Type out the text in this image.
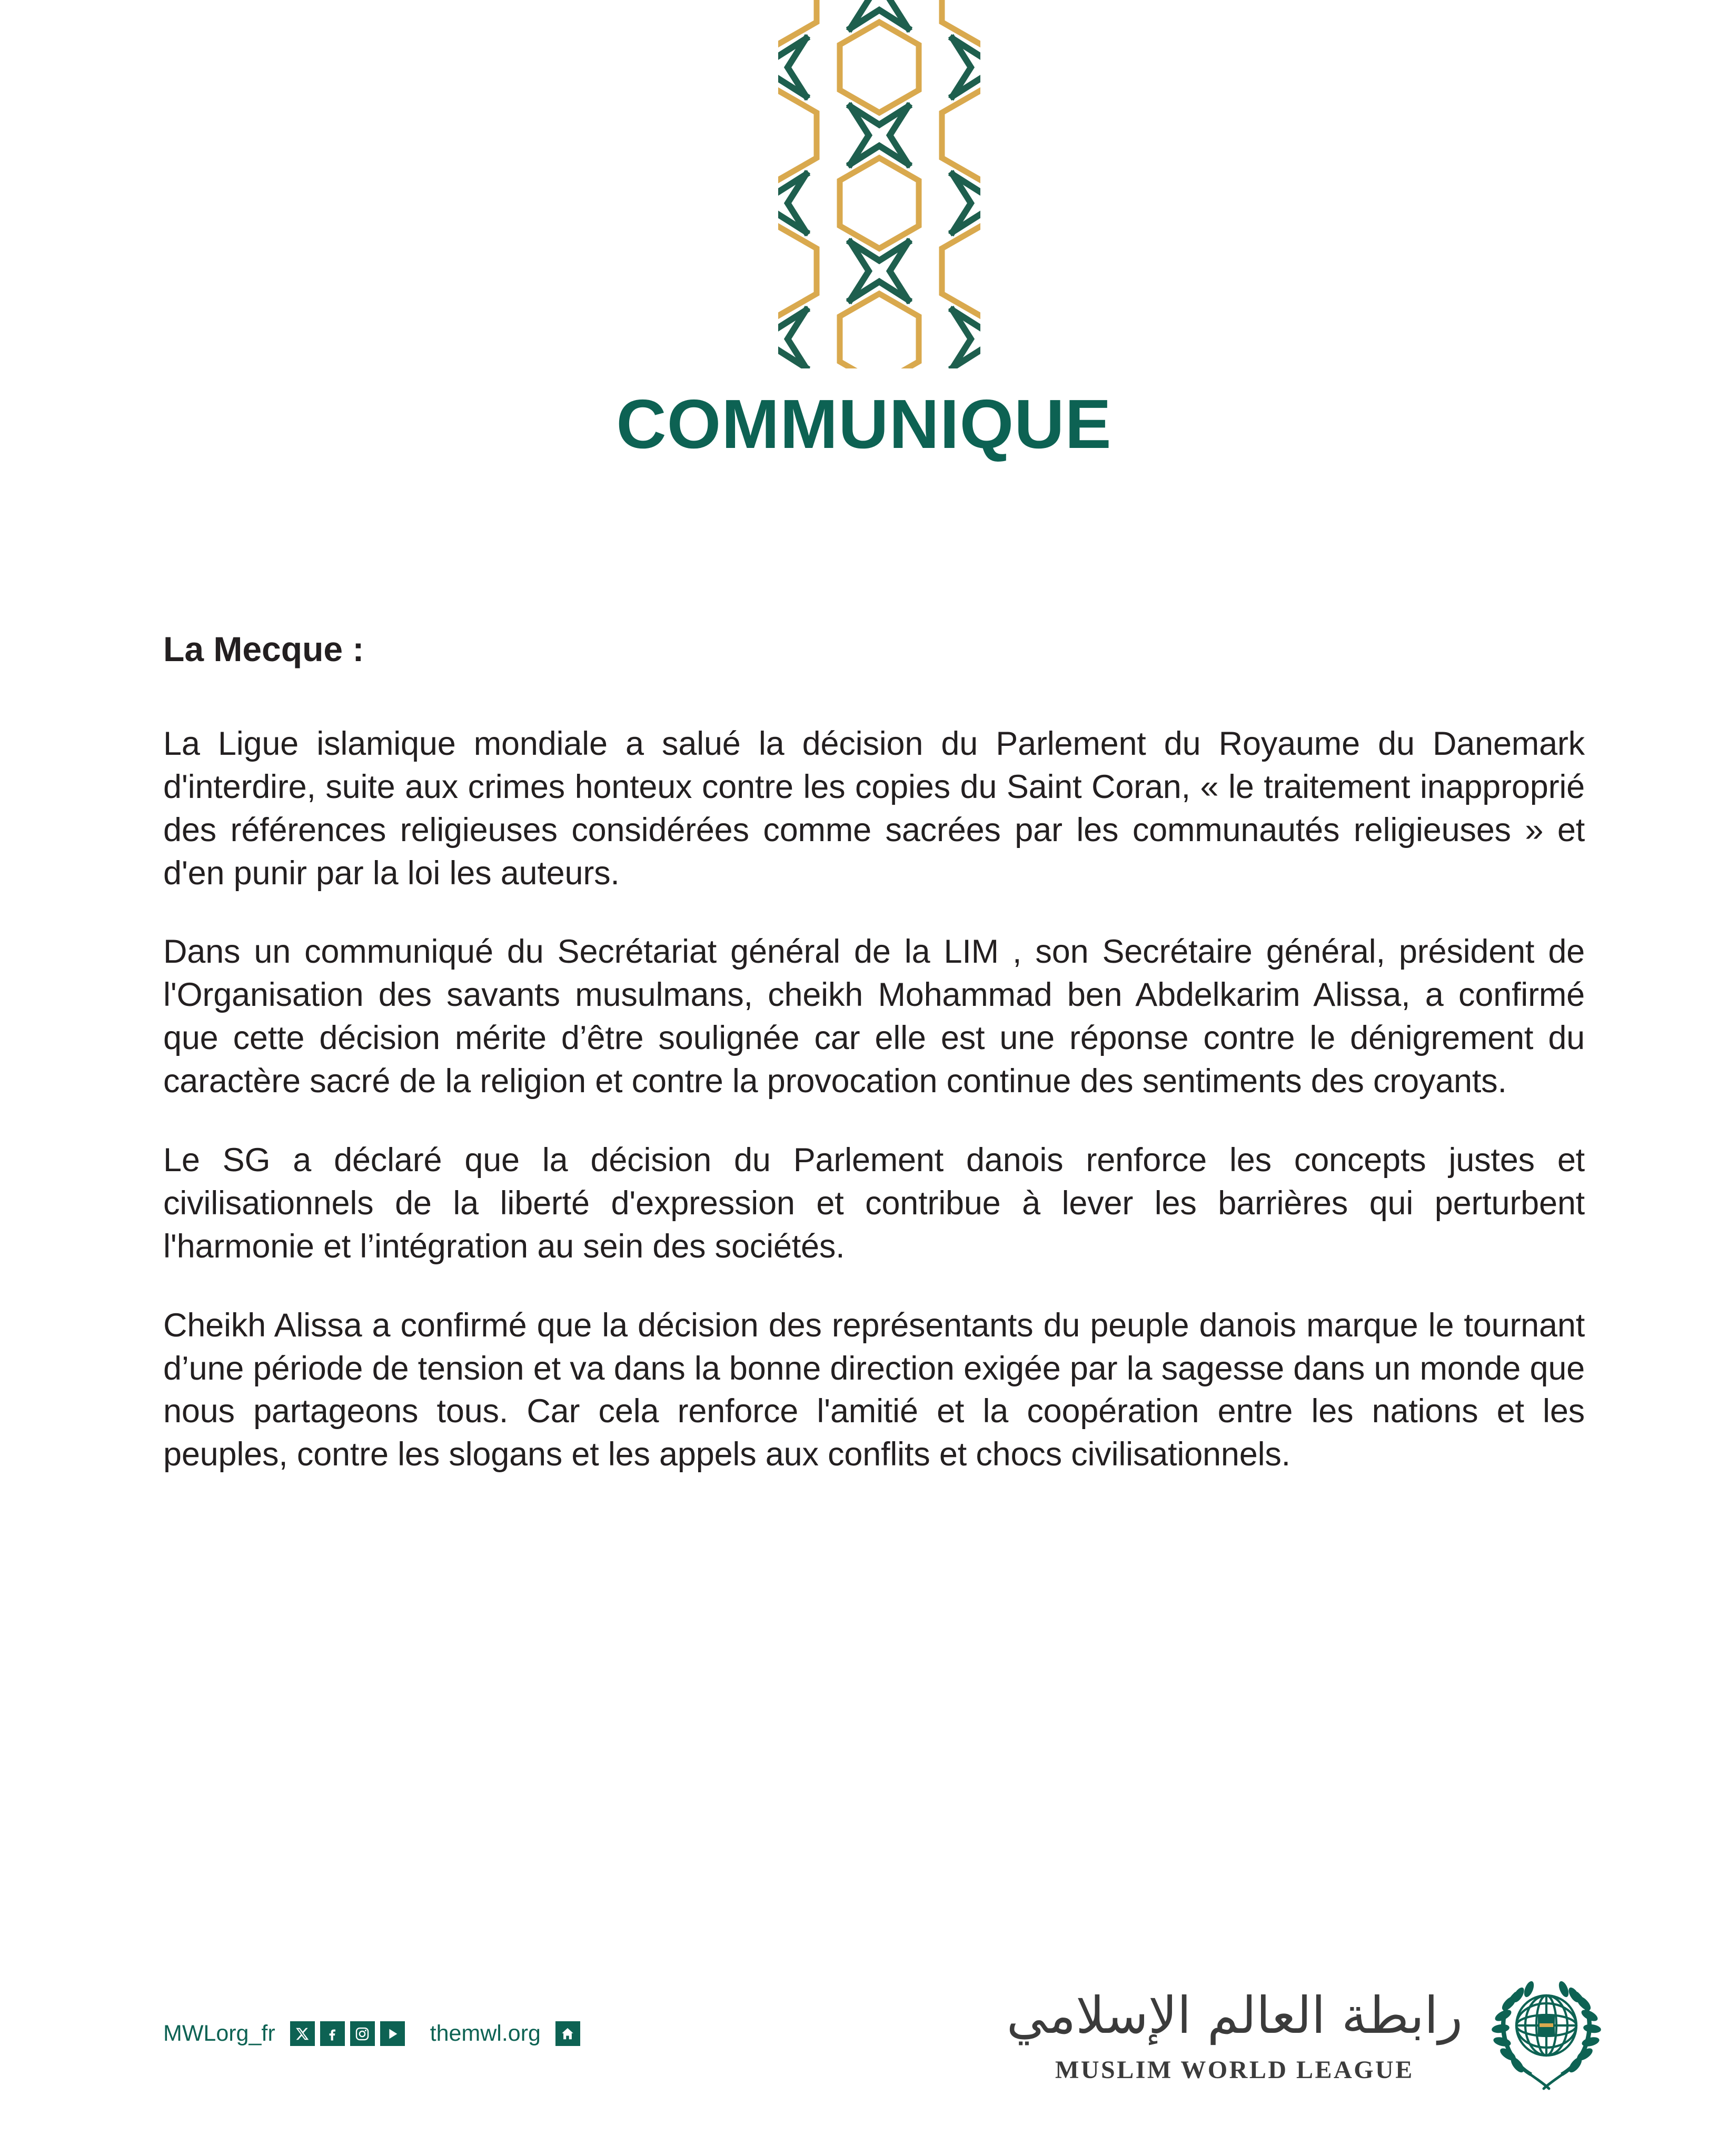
COMMUNIQUE

La Mecque :

La Ligue islamique mondiale a salué la décision du Parlement du Royaume du Danemark d'interdire, suite aux crimes honteux contre les copies du Saint Coran, « le traitement inapproprié des références religieuses considérées comme sacrées par les communautés religieuses » et d'en punir par la loi les auteurs.

Dans un communiqué du Secrétariat général de la LIM , son Secrétaire général, président de l'Organisation des savants musulmans, cheikh Mohammad ben Abdelkarim Alissa, a confirmé que cette décision mérite d’être soulignée car elle est une réponse contre le dénigrement du caractère sacré de la religion et contre la provocation continue des sentiments des croyants.

Le SG a déclaré que la décision du Parlement danois renforce les concepts justes et civilisationnels de la liberté d'expression et contribue à lever les barrières qui perturbent l'harmonie et l’intégration au sein des sociétés.

Cheikh Alissa a confirmé que la décision des représentants du peuple danois marque le tournant d’une période de tension et va dans la bonne direction exigée par la sagesse dans un monde que nous partageons tous. Car cela renforce l'amitié et la coopération entre les nations et les peuples, contre les slogans et les appels aux conflits et chocs civilisationnels.

MWLorg_fr	themwl.org	رابطة العالم الإسلامي
MUSLIM WORLD LEAGUE
